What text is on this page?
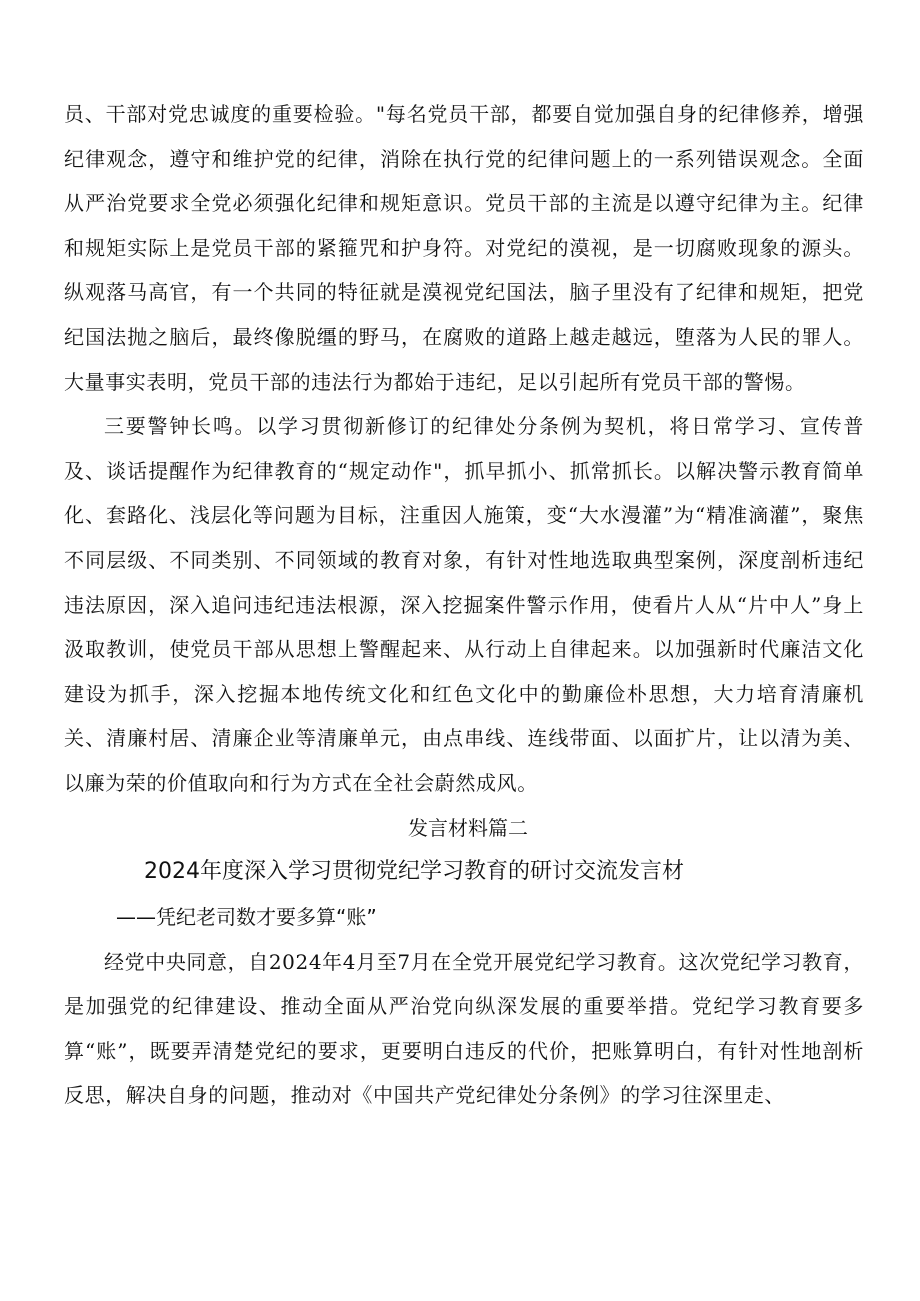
员、干部对党忠诚度的重要检验。"每名党员干部，都要自觉加强自身的纪律修养，增强纪律观念，遵守和维护党的纪律，消除在执行党的纪律问题上的一系列错误观念。全面从严治党要求全党必须强化纪律和规矩意识。党员干部的主流是以遵守纪律为主。纪律和规矩实际上是党员干部的紧箍咒和护身符。对党纪的漠视，是一切腐败现象的源头。纵观落马高官，有一个共同的特征就是漠视党纪国法，脑子里没有了纪律和规矩，把党纪国法抛之脑后，最终像脱缰的野马，在腐败的道路上越走越远，堕落为人民的罪人。大量事实表明，党员干部的违法行为都始于违纪，足以引起所有党员干部的警惕。

三要警钟长鸣。以学习贯彻新修订的纪律处分条例为契机，将日常学习、宣传普及、谈话提醒作为纪律教育的“规定动作"，抓早抓小、抓常抓长。以解决警示教育简单化、套路化、浅层化等问题为目标，注重因人施策，变“大水漫灌”为“精准滴灌”，聚焦不同层级、不同类别、不同领域的教育对象，有针对性地选取典型案例，深度剖析违纪违法原因，深入追问违纪违法根源，深入挖掘案件警示作用，使看片人从“片中人”身上汲取教训，使党员干部从思想上警醒起来、从行动上自律起来。以加强新时代廉洁文化建设为抓手，深入挖掘本地传统文化和红色文化中的勤廉俭朴思想，大力培育清廉机关、清廉村居、清廉企业等清廉单元，由点串线、连线带面、以面扩片，让以清为美、以廉为荣的价值取向和行为方式在全社会蔚然成风。

发言材料篇二

2024年度深入学习贯彻党纪学习教育的研讨交流发言材

——凭纪老司数才要多算“账”

经党中央同意，自2024年4月至7月在全党开展党纪学习教育。这次党纪学习教育，是加强党的纪律建设、推动全面从严治党向纵深发展的重要举措。党纪学习教育要多算“账”，既要弄清楚党纪的要求，更要明白违反的代价，把账算明白，有针对性地剖析反思，解决自身的问题，推动对《中国共产党纪律处分条例》的学习往深里走、
